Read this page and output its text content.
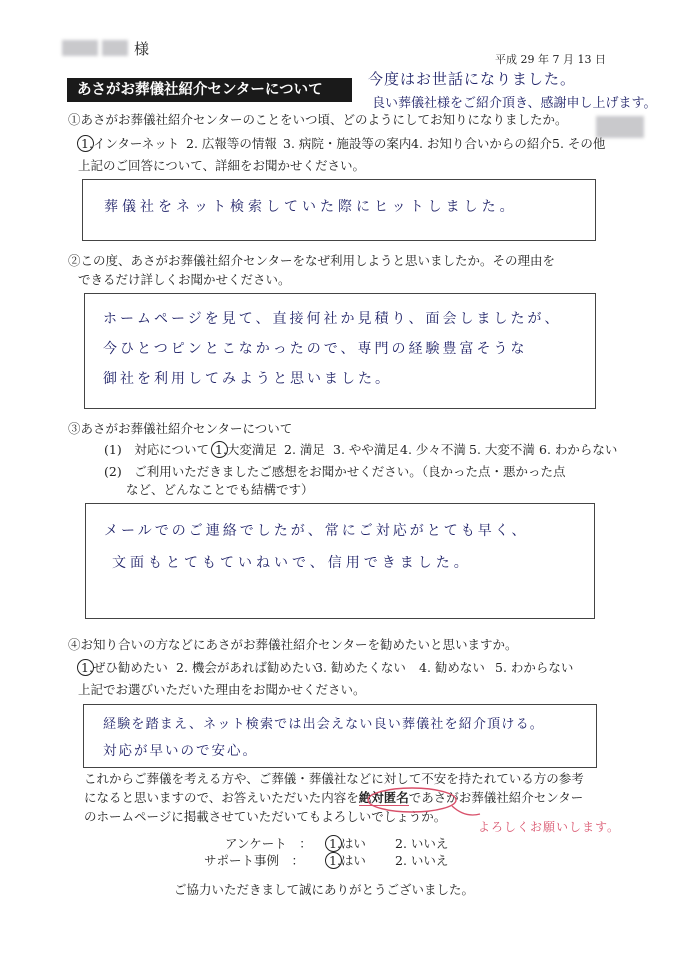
様
平成 29 年 7 月 13 日
あさがお葬儀社紹介センターについて
今度はお世話になりました。
良い葬儀社様をご紹介頂き、感謝申し上げます。
①あさがお葬儀社紹介センターのことをいつ頃、どのようにしてお知りになりましたか。
1.インターネット 2. 広報等の情報 3. 病院・施設等の案内 4. お知り合いからの紹介 5. その他
上記のご回答について、詳細をお聞かせください。
葬儀社をネット検索していた際にヒットしました。
②この度、あさがお葬儀社紹介センターをなぜ利用しようと思いましたか。その理由を
できるだけ詳しくお聞かせください。
ホームページを見て、直接何社か見積り、面会しましたが、
今ひとつピンとこなかったので、専門の経験豊富そうな
御社を利用してみようと思いました。
③あさがお葬儀社紹介センターについて
(1)　対応について 1.大変満足 2. 満足 3. やや満足 4. 少々不満 5. 大変不満 6. わからない
(2)　ご利用いただきましたご感想をお聞かせください。（良かった点・悪かった点
など、どんなことでも結構です）
メールでのご連絡でしたが、常にご対応がとても早く、
文面もとてもていねいで、信用できました。
④お知り合いの方などにあさがお葬儀社紹介センターを勧めたいと思いますか。
1.ぜひ勧めたい 2. 機会があれば勧めたい
3. 勧めたくない 4. 勧めない 5. わからない
上記でお選びいただいた理由をお聞かせください。
経験を踏まえ、ネット検索では出会えない良い葬儀社を紹介頂ける。
対応が早いので安心。
これからご葬儀を考える方や、ご葬儀・葬儀社などに対して不安を持たれている方の参考
になると思いますので、お答えいただいた内容を絶対匿名であさがお葬儀社紹介センター
のホームページに掲載させていただいてもよろしいでしょうか。
よろしくお願いします。
アンケート　： 1.はい 2. いいえ
サポート事例　： 1.はい 2. いいえ
ご協力いただきまして誠にありがとうございました。
